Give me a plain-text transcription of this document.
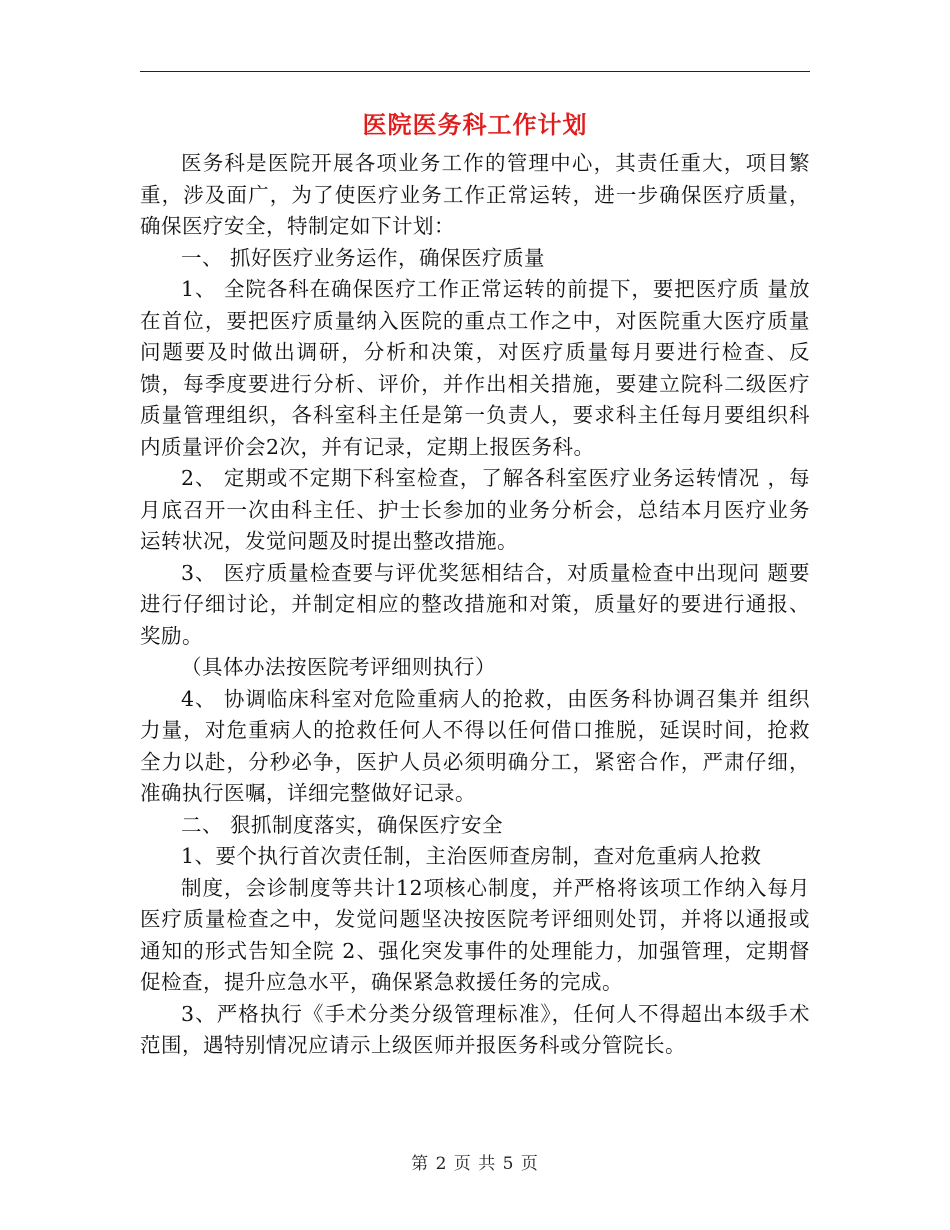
医院医务科工作计划

医务科是医院开展各项业务工作的管理中心，其责任重大，项目繁重，涉及面广，为了使医疗业务工作正常运转，进一步确保医疗质量，确保医疗安全，特制定如下计划：

一、 抓好医疗业务运作，确保医疗质量

1、 全院各科在确保医疗工作正常运转的前提下，要把医疗质 量放在首位，要把医疗质量纳入医院的重点工作之中，对医院重大医疗质量问题要及时做出调研，分析和决策，对医疗质量每月要进行检查、反馈，每季度要进行分析、评价，并作出相关措施，要建立院科二级医疗质量管理组织，各科室科主任是第一负责人，要求科主任每月要组织科内质量评价会2次，并有记录，定期上报医务科。

2、 定期或不定期下科室检查，了解各科室医疗业务运转情况 ，每月底召开一次由科主任、护士长参加的业务分析会，总结本月医疗业务运转状况，发觉问题及时提出整改措施。

3、 医疗质量检查要与评优奖惩相结合，对质量检查中出现问 题要进行仔细讨论，并制定相应的整改措施和对策，质量好的要进行通报、奖励。

（具体办法按医院考评细则执行）

4、 协调临床科室对危险重病人的抢救，由医务科协调召集并 组织力量，对危重病人的抢救任何人不得以任何借口推脱，延误时间，抢救全力以赴，分秒必争，医护人员必须明确分工，紧密合作，严肃仔细，准确执行医嘱，详细完整做好记录。

二、 狠抓制度落实，确保医疗安全

1、要个执行首次责任制，主治医师查房制，查对危重病人抢救

制度，会诊制度等共计12项核心制度，并严格将该项工作纳入每月医疗质量检查之中，发觉问题坚决按医院考评细则处罚，并将以通报或通知的形式告知全院 2、强化突发事件的处理能力，加强管理，定期督促检查，提升应急水平，确保紧急救援任务的完成。

3、严格执行《手术分类分级管理标准》，任何人不得超出本级手术范围，遇特别情况应请示上级医师并报医务科或分管院长。

第 2 页 共 5 页
